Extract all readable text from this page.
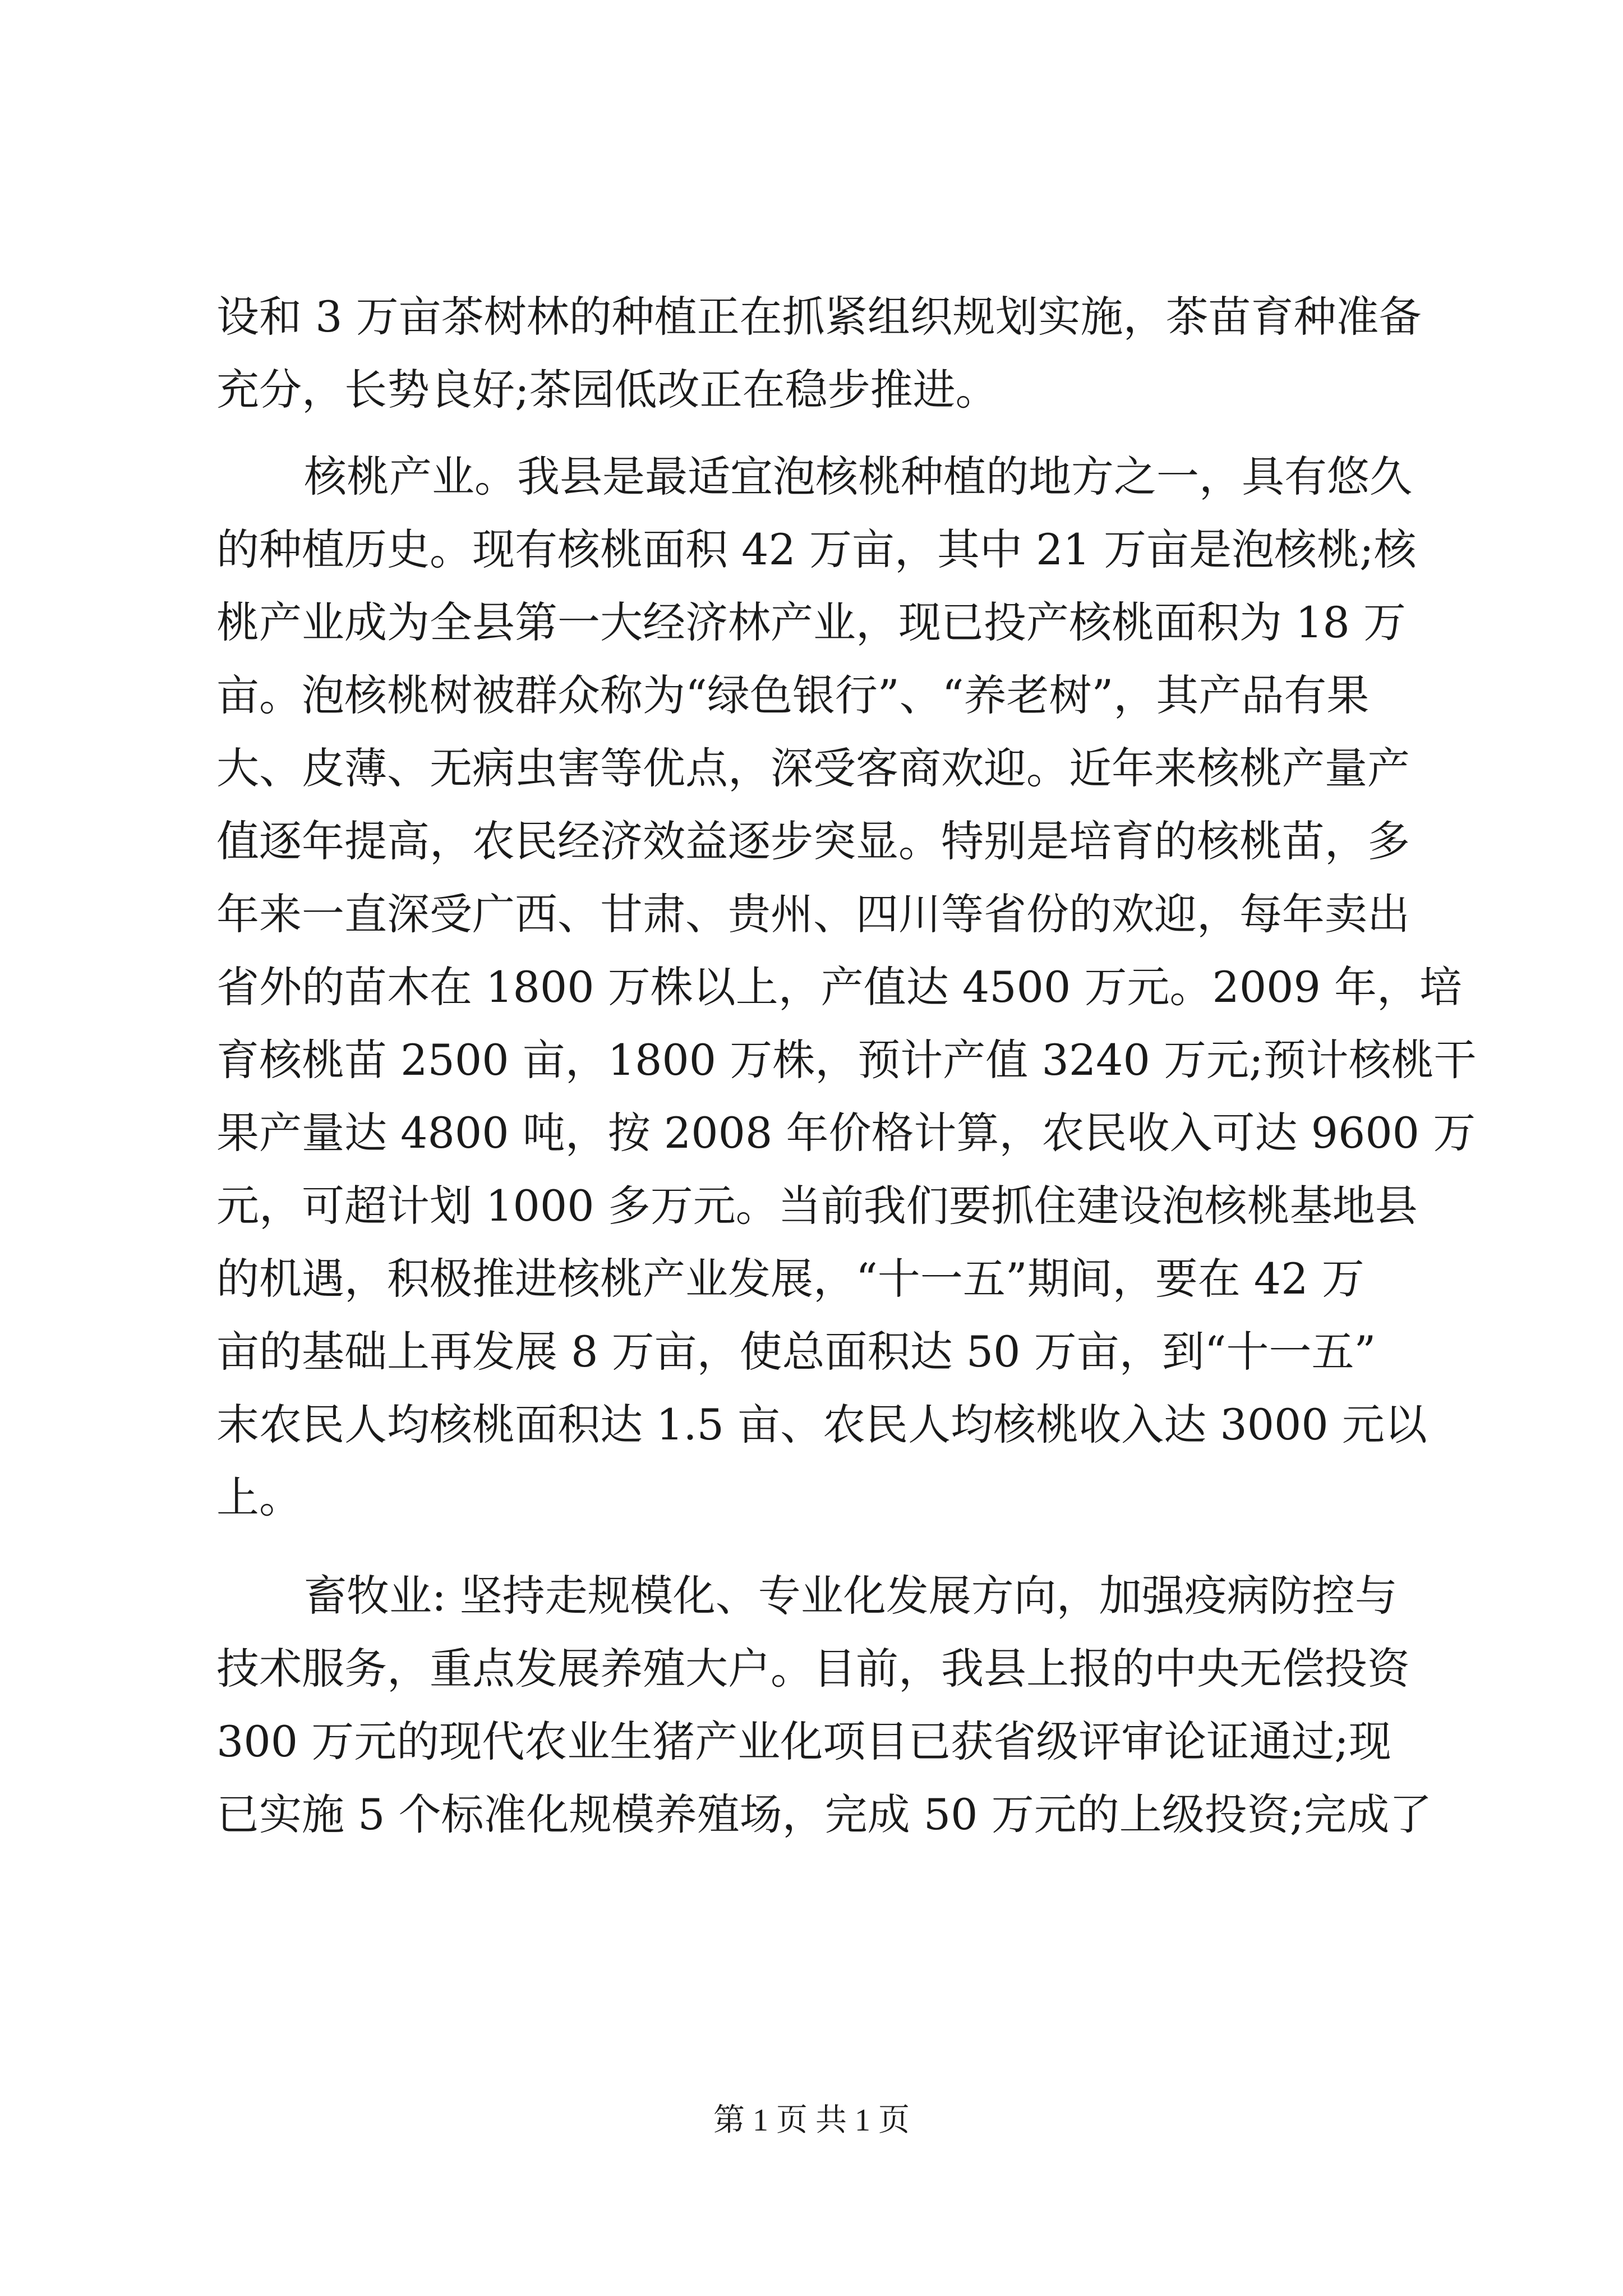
设和 3 万亩茶树林的种植正在抓紧组织规划实施，茶苗育种准备
充分，长势良好;茶园低改正在稳步推进。
核桃产业。我县是最适宜泡核桃种植的地方之一，具有悠久
的种植历史。现有核桃面积 42 万亩，其中 21 万亩是泡核桃;核
桃产业成为全县第一大经济林产业，现已投产核桃面积为 18 万
亩。泡核桃树被群众称为“绿色银行”、“养老树”，其产品有果
大、皮薄、无病虫害等优点，深受客商欢迎。近年来核桃产量产
值逐年提高，农民经济效益逐步突显。特别是培育的核桃苗，多
年来一直深受广西、甘肃、贵州、四川等省份的欢迎，每年卖出
省外的苗木在 1800 万株以上，产值达 4500 万元。2009 年，培
育核桃苗 2500 亩，1800 万株，预计产值 3240 万元;预计核桃干
果产量达 4800 吨，按 2008 年价格计算，农民收入可达 9600 万
元，可超计划 1000 多万元。当前我们要抓住建设泡核桃基地县
的机遇，积极推进核桃产业发展，“十一五”期间，要在 42 万
亩的基础上再发展 8 万亩，使总面积达 50 万亩，到“十一五”
末农民人均核桃面积达 1.5 亩、农民人均核桃收入达 3000 元以
上。
畜牧业: 坚持走规模化、专业化发展方向，加强疫病防控与
技术服务，重点发展养殖大户。目前，我县上报的中央无偿投资
300 万元的现代农业生猪产业化项目已获省级评审论证通过;现
已实施 5 个标准化规模养殖场，完成 50 万元的上级投资;完成了
第 1 页 共 1 页
